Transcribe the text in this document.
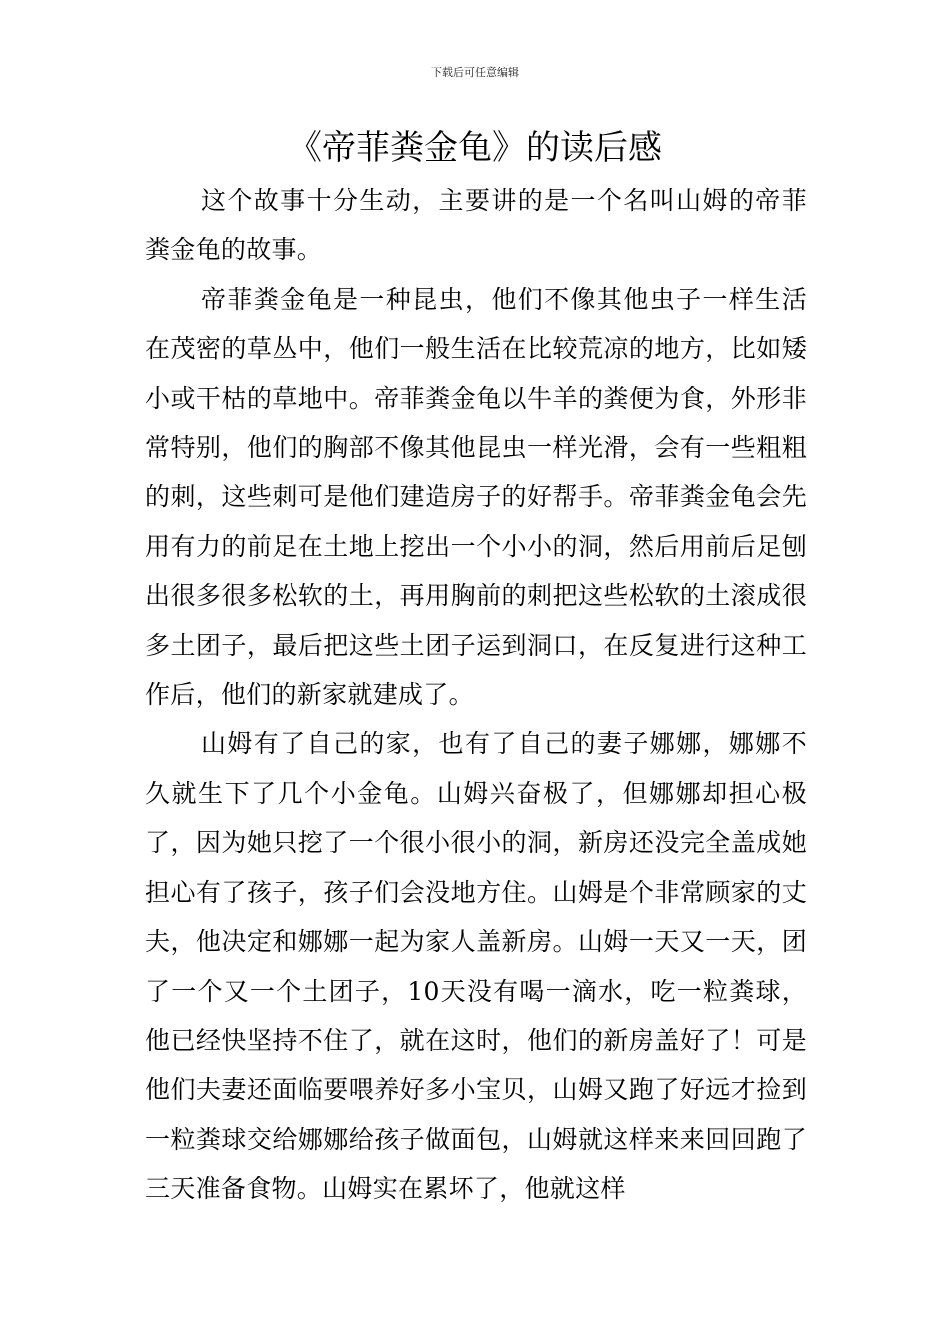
下载后可任意编辑
《帝菲粪金龟》的读后感

这个故事十分生动，主要讲的是一个名叫山姆的帝菲粪金龟的故事。

帝菲粪金龟是一种昆虫，他们不像其他虫子一样生活在茂密的草丛中，他们一般生活在比较荒凉的地方，比如矮小或干枯的草地中。帝菲粪金龟以牛羊的粪便为食，外形非常特别，他们的胸部不像其他昆虫一样光滑，会有一些粗粗的刺，这些刺可是他们建造房子的好帮手。帝菲粪金龟会先用有力的前足在土地上挖出一个小小的洞，然后用前后足刨出很多很多松软的土，再用胸前的刺把这些松软的土滚成很多土团子，最后把这些土团子运到洞口，在反复进行这种工作后，他们的新家就建成了。

山姆有了自己的家，也有了自己的妻子娜娜，娜娜不久就生下了几个小金龟。山姆兴奋极了，但娜娜却担心极了，因为她只挖了一个很小很小的洞，新房还没完全盖成她担心有了孩子，孩子们会没地方住。山姆是个非常顾家的丈夫，他决定和娜娜一起为家人盖新房。山姆一天又一天，团了一个又一个土团子，10天没有喝一滴水，吃一粒粪球，他已经快坚持不住了，就在这时，他们的新房盖好了！可是他们夫妻还面临要喂养好多小宝贝，山姆又跑了好远才捡到一粒粪球交给娜娜给孩子做面包，山姆就这样来来回回跑了三天准备食物。山姆实在累坏了，他就这样
